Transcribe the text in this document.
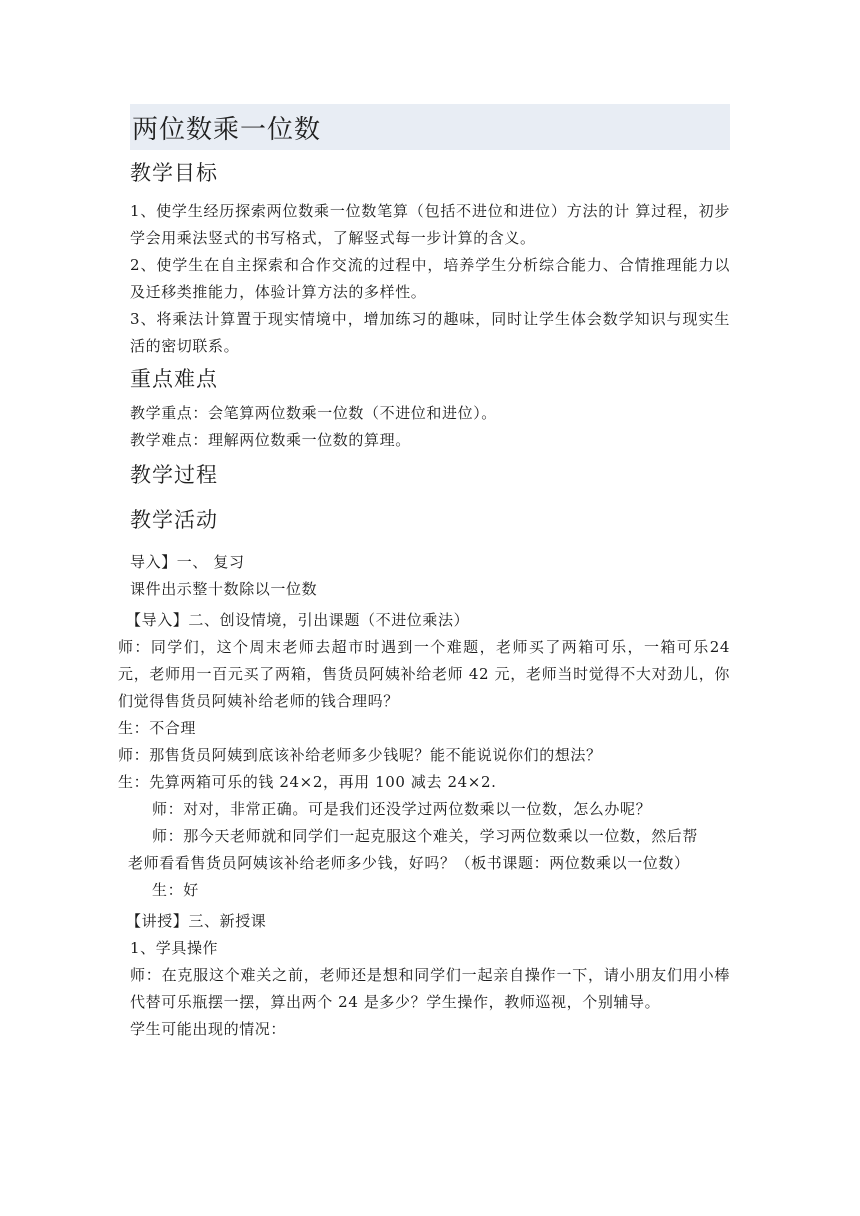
两位数乘一位数
教学目标
1、使学生经历探索两位数乘一位数笔算（包括不进位和进位）方法的计 算过程，初步学会用乘法竖式的书写格式，了解竖式每一步计算的含义。
2、使学生在自主探索和合作交流的过程中，培养学生分析综合能力、合情推理能力以及迁移类推能力，体验计算方法的多样性。
3、将乘法计算置于现实情境中，增加练习的趣味，同时让学生体会数学知识与现实生活的密切联系。
重点难点
教学重点：会笔算两位数乘一位数（不进位和进位）。
教学难点：理解两位数乘一位数的算理。
教学过程
教学活动
导入】一、 复习
课件出示整十数除以一位数
【导入】二、创设情境，引出课题（不进位乘法）
师：同学们，这个周末老师去超市时遇到一个难题，老师买了两箱可乐，一箱可乐24 元，老师用一百元买了两箱，售货员阿姨补给老师 42 元，老师当时觉得不大对劲儿，你们觉得售货员阿姨补给老师的钱合理吗？
生：不合理
师：那售货员阿姨到底该补给老师多少钱呢？能不能说说你们的想法？
生：先算两箱可乐的钱 24×2，再用 100 减去 24×2.
师：对对，非常正确。可是我们还没学过两位数乘以一位数，怎么办呢？
师：那今天老师就和同学们一起克服这个难关，学习两位数乘以一位数，然后帮
老师看看售货员阿姨该补给老师多少钱，好吗？（板书课题：两位数乘以一位数）
生：好
【讲授】三、新授课
1、学具操作
师：在克服这个难关之前，老师还是想和同学们一起亲自操作一下，请小朋友们用小棒代替可乐瓶摆一摆，算出两个 24 是多少？学生操作，教师巡视，个别辅导。
学生可能出现的情况：
